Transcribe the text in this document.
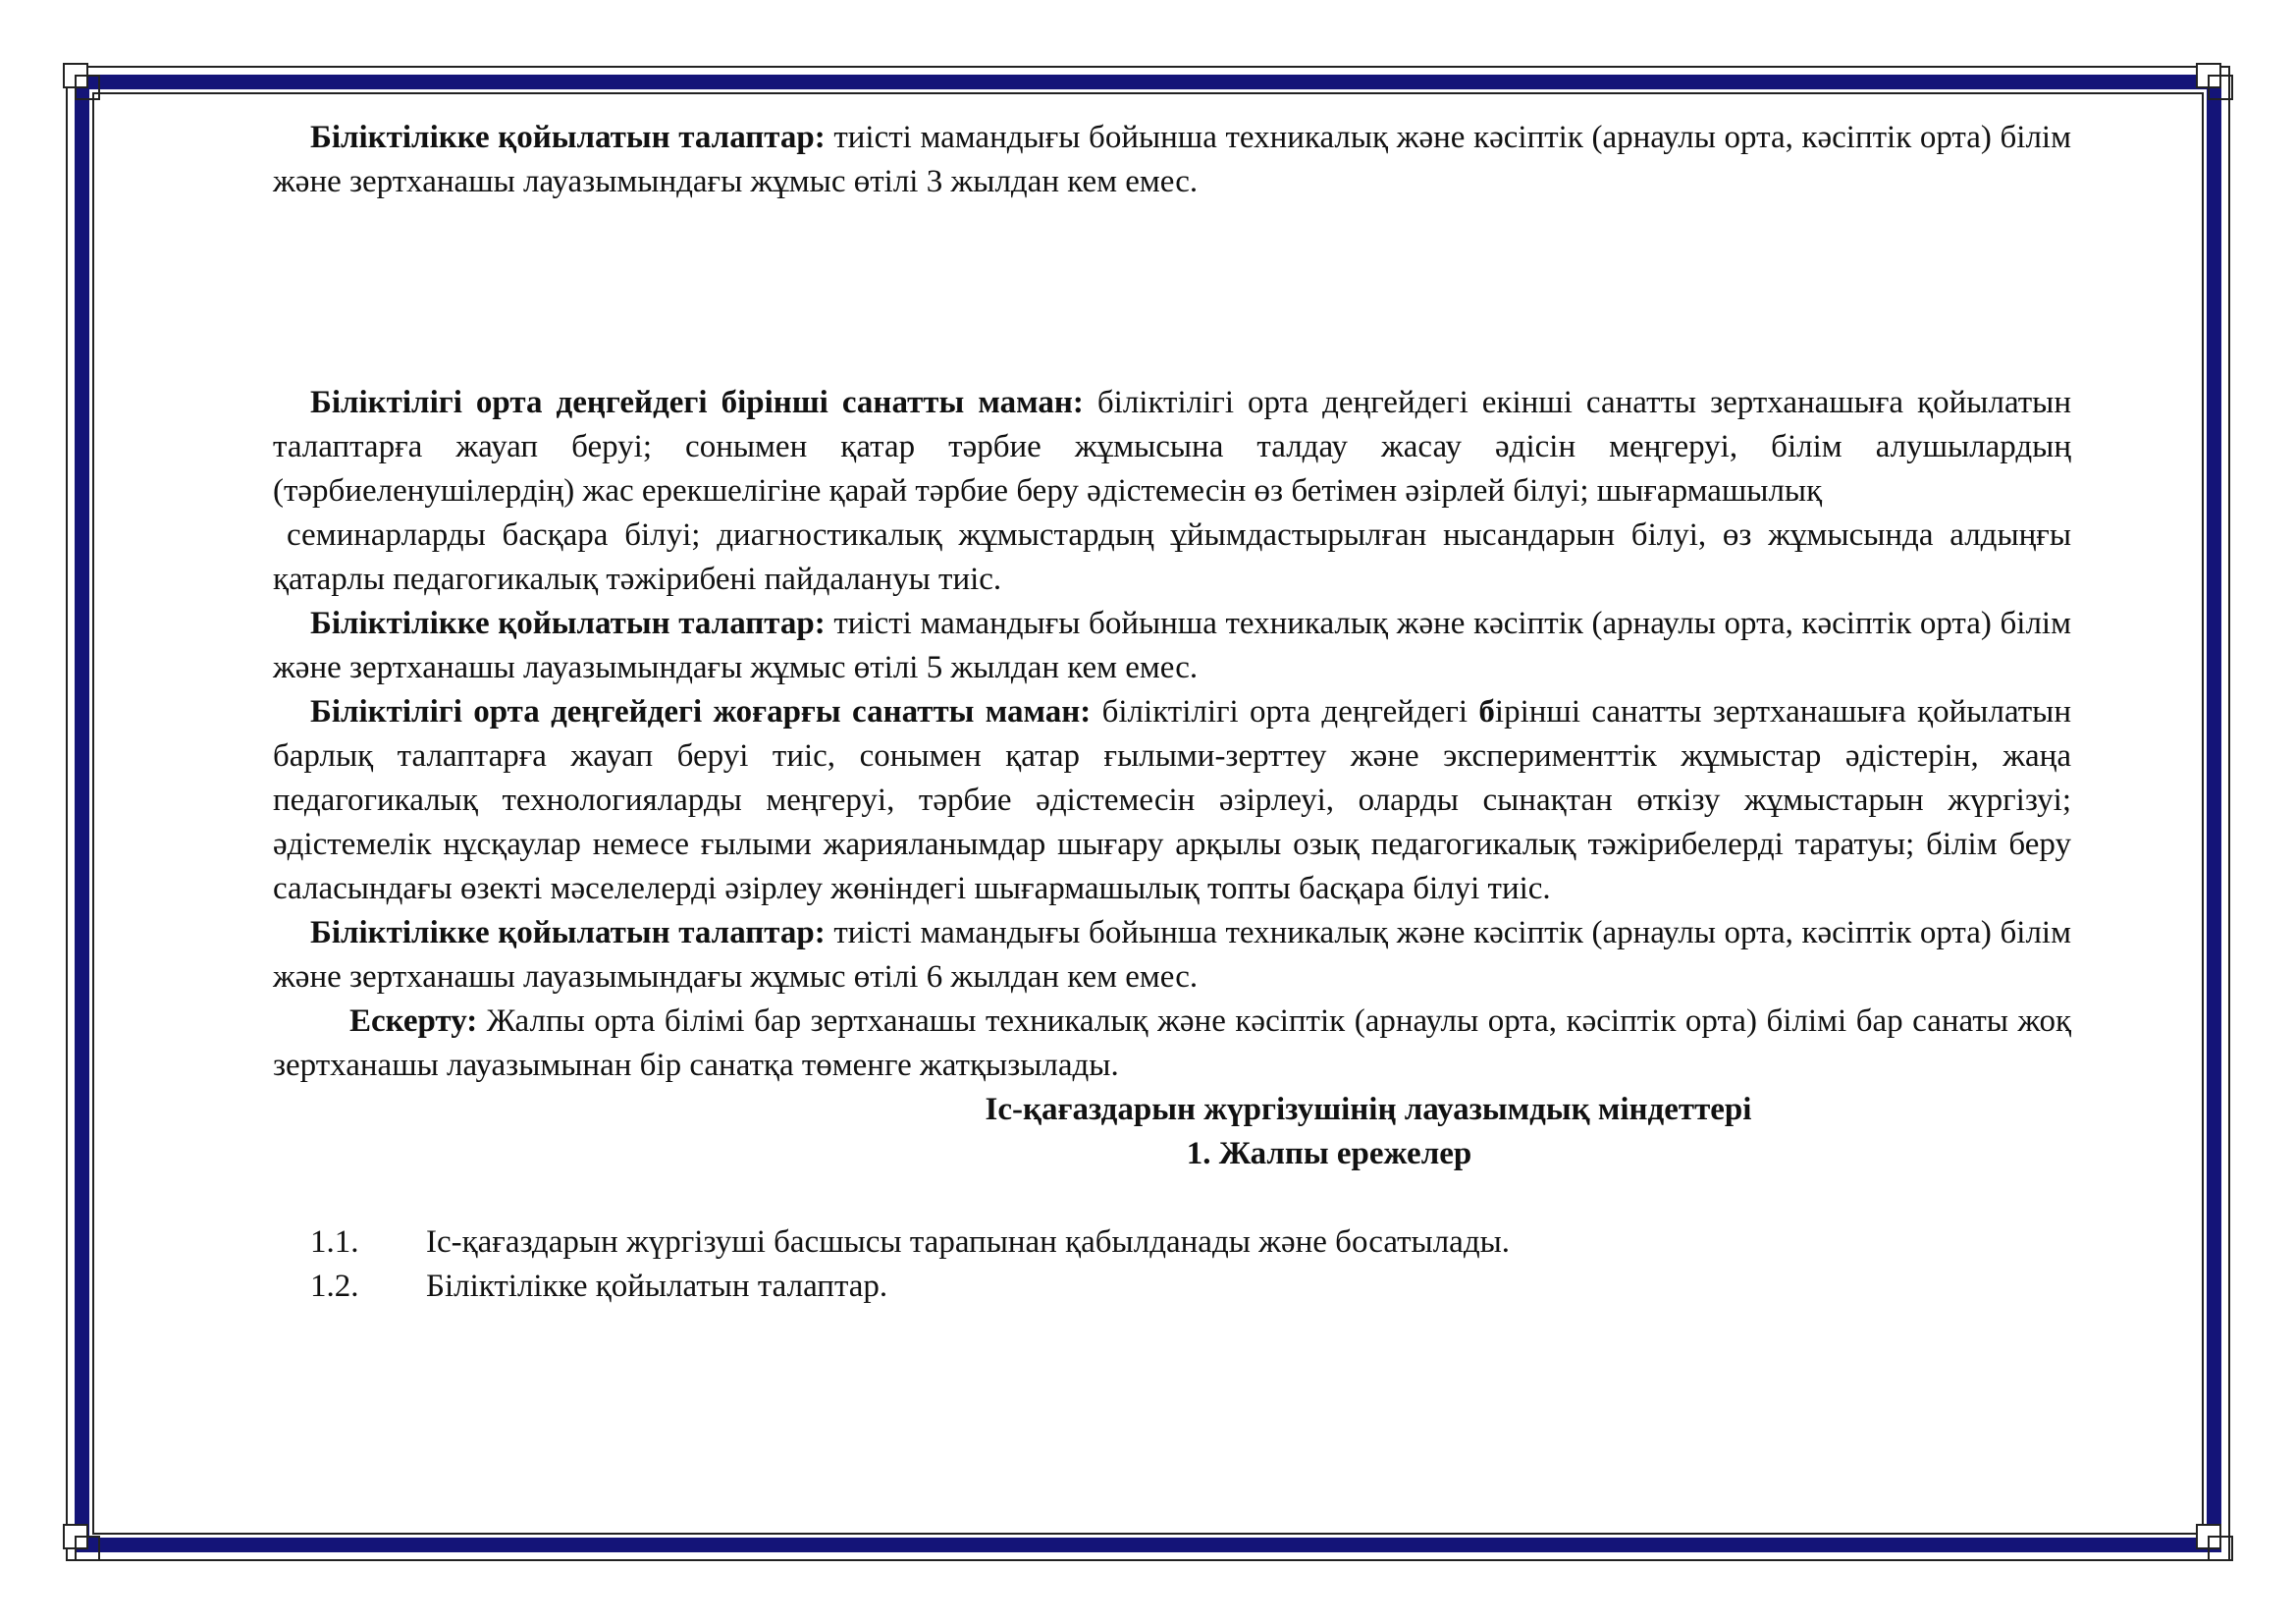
Біліктілікке қойылатын талаптар: тиісті мамандығы бойынша техникалық және кәсіптік (арнаулы орта, кәсіптік орта) білім және зертханашы лауазымындағы жұмыс өтілі 3 жылдан кем емес.

Біліктілігі орта деңгейдегі бірінші санатты маман: біліктілігі орта деңгейдегі екінші санатты зертханашыға қойылатын талаптарға жауап беруі; сонымен қатар тәрбие жұмысына талдау жасау әдісін меңгеруі, білім алушылардың (тәрбиеленушілердің) жас ерекшелігіне қарай тәрбие беру әдістемесін өз бетімен әзірлей білуі; шығармашылық

семинарларды басқара білуі; диагностикалық жұмыстардың ұйымдастырылған нысандарын білуі, өз жұмысында алдыңғы қатарлы педагогикалық тәжірибені пайдалануы тиіс.

Біліктілікке қойылатын талаптар: тиісті мамандығы бойынша техникалық және кәсіптік (арнаулы орта, кәсіптік орта) білім және зертханашы лауазымындағы жұмыс өтілі 5 жылдан кем емес.

Біліктілігі орта деңгейдегі жоғарғы санатты маман: біліктілігі орта деңгейдегі бірінші санатты зертханашыға қойылатын барлық талаптарға жауап беруі тиіс, сонымен қатар ғылыми-зерттеу және эксперименттік жұмыстар әдістерін, жаңа педагогикалық технологияларды меңгеруі, тәрбие әдістемесін әзірлеуі, оларды сынақтан өткізу жұмыстарын жүргізуі; әдістемелік нұсқаулар немесе ғылыми жарияланымдар шығару арқылы озық педагогикалық тәжірибелерді таратуы; білім беру саласындағы өзекті мәселелерді әзірлеу жөніндегі шығармашылық топты басқара білуі тиіс.

Біліктілікке қойылатын талаптар: тиісті мамандығы бойынша техникалық және кәсіптік (арнаулы орта, кәсіптік орта) білім және зертханашы лауазымындағы жұмыс өтілі 6 жылдан кем емес.

Ескерту: Жалпы орта білімі бар зертханашы техникалық және кәсіптік (арнаулы орта, кәсіптік орта) білімі бар санаты жоқ зертханашы лауазымынан бір санатқа төменге жатқызылады.

Іс-қағаздарын жүргізушінің лауазымдық міндеттері

1. Жалпы ережелер

1.1.	Іс-қағаздарын жүргізуші басшысы тарапынан қабылданады және босатылады.
1.2.	Біліктілікке қойылатын талаптар.
